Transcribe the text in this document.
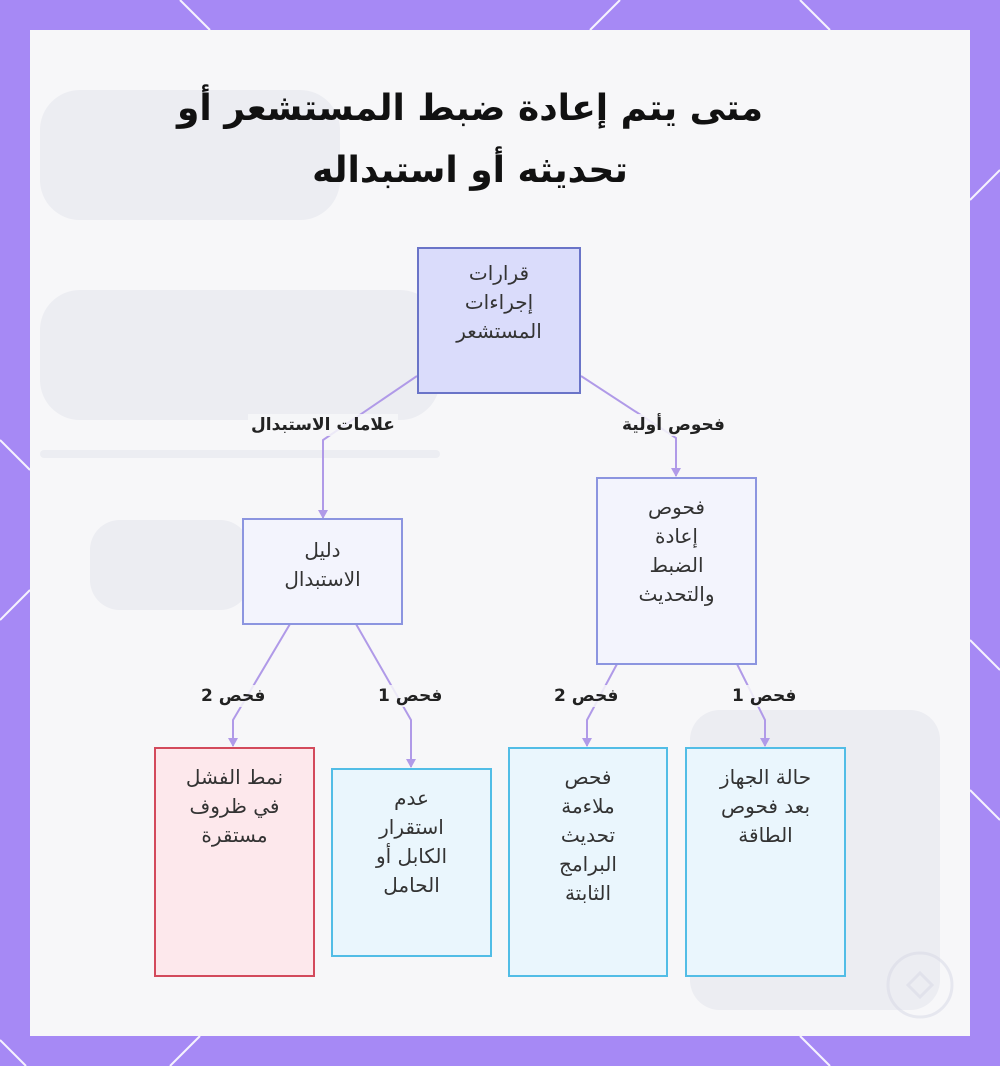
متى يتم إعادة ضبط المستشعر أو
تحديثه أو استبداله
علامات الاستبدال	فحوص أولية
فحص 2	فحص 1	فحص 2	فحص 1
قرارات
إجراءات
المستشعر
دليل
الاستبدال
فحوص
إعادة
الضبط
والتحديث
نمط الفشل
في ظروف
مستقرة
عدم
استقرار
الكابل أو
الحامل
فحص
ملاءمة
تحديث
البرامج
الثابتة
حالة الجهاز
بعد فحوص
الطاقة
